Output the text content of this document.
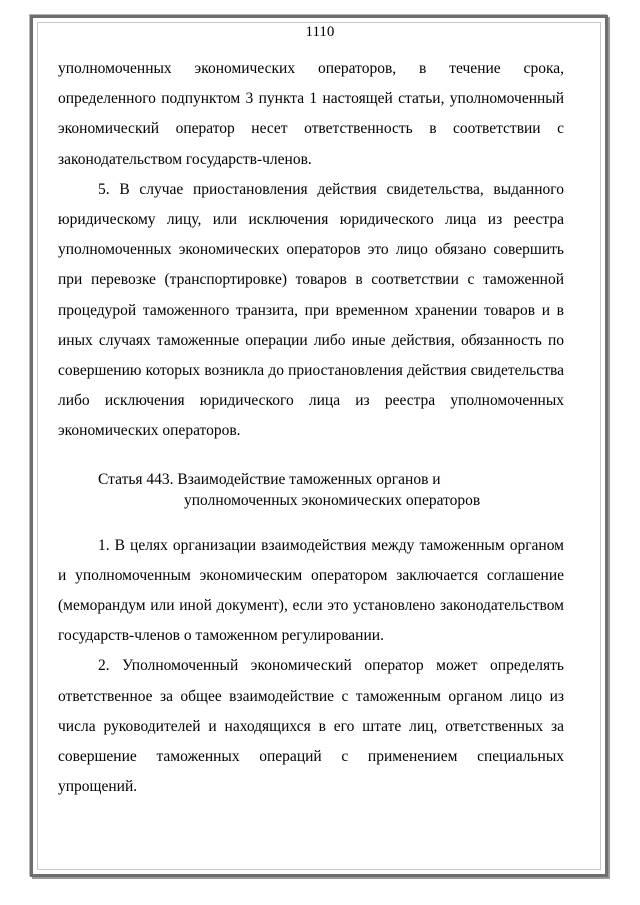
1110

уполномоченных экономических операторов, в течение срока, определенного подпунктом 3 пункта 1 настоящей статьи, уполномоченный экономический оператор несет ответственность в соответствии с законодательством государств-членов.

5. В случае приостановления действия свидетельства, выданного юридическому лицу, или исключения юридического лица из реестра уполномоченных экономических операторов это лицо обязано совершить при перевозке (транспортировке) товаров в соответствии с таможенной процедурой таможенного транзита, при временном хранении товаров и в иных случаях таможенные операции либо иные действия, обязанность по совершению которых возникла до приостановления действия свидетельства либо исключения юридического лица из реестра уполномоченных экономических операторов.

Статья 443. Взаимодействие таможенных органов и
уполномоченных экономических операторов

1. В целях организации взаимодействия между таможенным органом и уполномоченным экономическим оператором заключается соглашение (меморандум или иной документ), если это установлено законодательством государств-членов о таможенном регулировании.

2. Уполномоченный экономический оператор может определять ответственное за общее взаимодействие с таможенным органом лицо из числа руководителей и находящихся в его штате лиц, ответственных за совершение таможенных операций с применением специальных упрощений.
